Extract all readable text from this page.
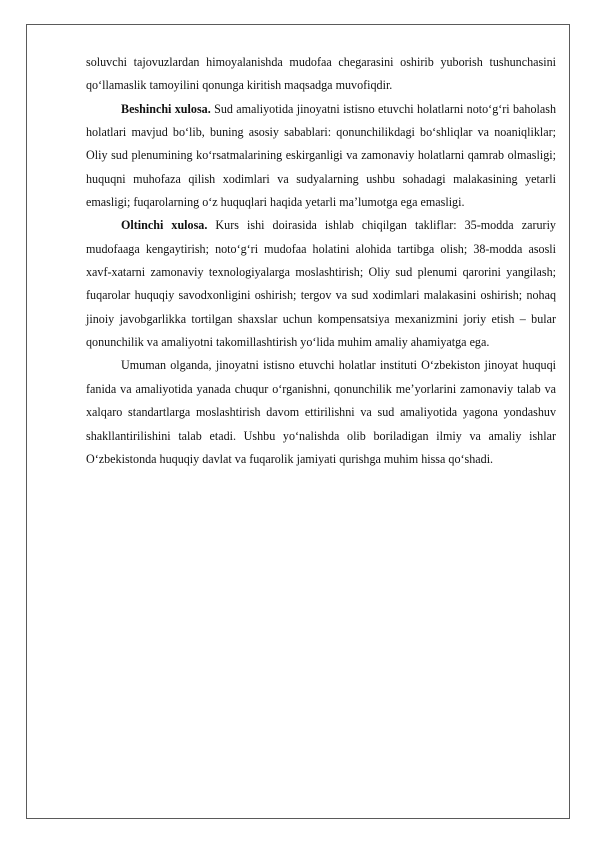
soluvchi tajovuzlardan himoyalanishda mudofaa chegarasini oshirib yuborish tushunchasini qo‘llamaslik tamoyilini qonunga kiritish maqsadga muvofiqdir.

Beshinchi xulosa. Sud amaliyotida jinoyatni istisno etuvchi holatlarni noto‘g‘ri baholash holatlari mavjud bo‘lib, buning asosiy sabablari: qonunchilikdagi bo‘shliqlar va noaniqliklar; Oliy sud plenumining ko‘rsatmalarining eskirganligi va zamonaviy holatlarni qamrab olmasligi; huquqni muhofaza qilish xodimlari va sudyalarning ushbu sohadagi malakasining yetarli emasligi; fuqarolarning o‘z huquqlari haqida yetarli ma’lumotga ega emasligi.

Oltinchi xulosa. Kurs ishi doirasida ishlab chiqilgan takliflar: 35-modda zaruriy mudofaaga kengaytirish; noto‘g‘ri mudofaa holatini alohida tartibga olish; 38-modda asosli xavf-xatarni zamonaviy texnologiyalarga moslashtirish; Oliy sud plenumi qarorini yangilash; fuqarolar huquqiy savodxonligini oshirish; tergov va sud xodimlari malakasini oshirish; nohaq jinoiy javobgarlikka tortilgan shaxslar uchun kompensatsiya mexanizmini joriy etish – bular qonunchilik va amaliyotni takomillashtirish yo‘lida muhim amaliy ahamiyatga ega.

Umuman olganda, jinoyatni istisno etuvchi holatlar instituti O‘zbekiston jinoyat huquqi fanida va amaliyotida yanada chuqur o‘rganishni, qonunchilik me’yorlarini zamonaviy talab va xalqaro standartlarga moslashtirish davom ettirilishni va sud amaliyotida yagona yondashuv shakllantirilishini talab etadi. Ushbu yo‘nalishda olib boriladigan ilmiy va amaliy ishlar O‘zbekistonda huquqiy davlat va fuqarolik jamiyati qurishga muhim hissa qo‘shadi.
